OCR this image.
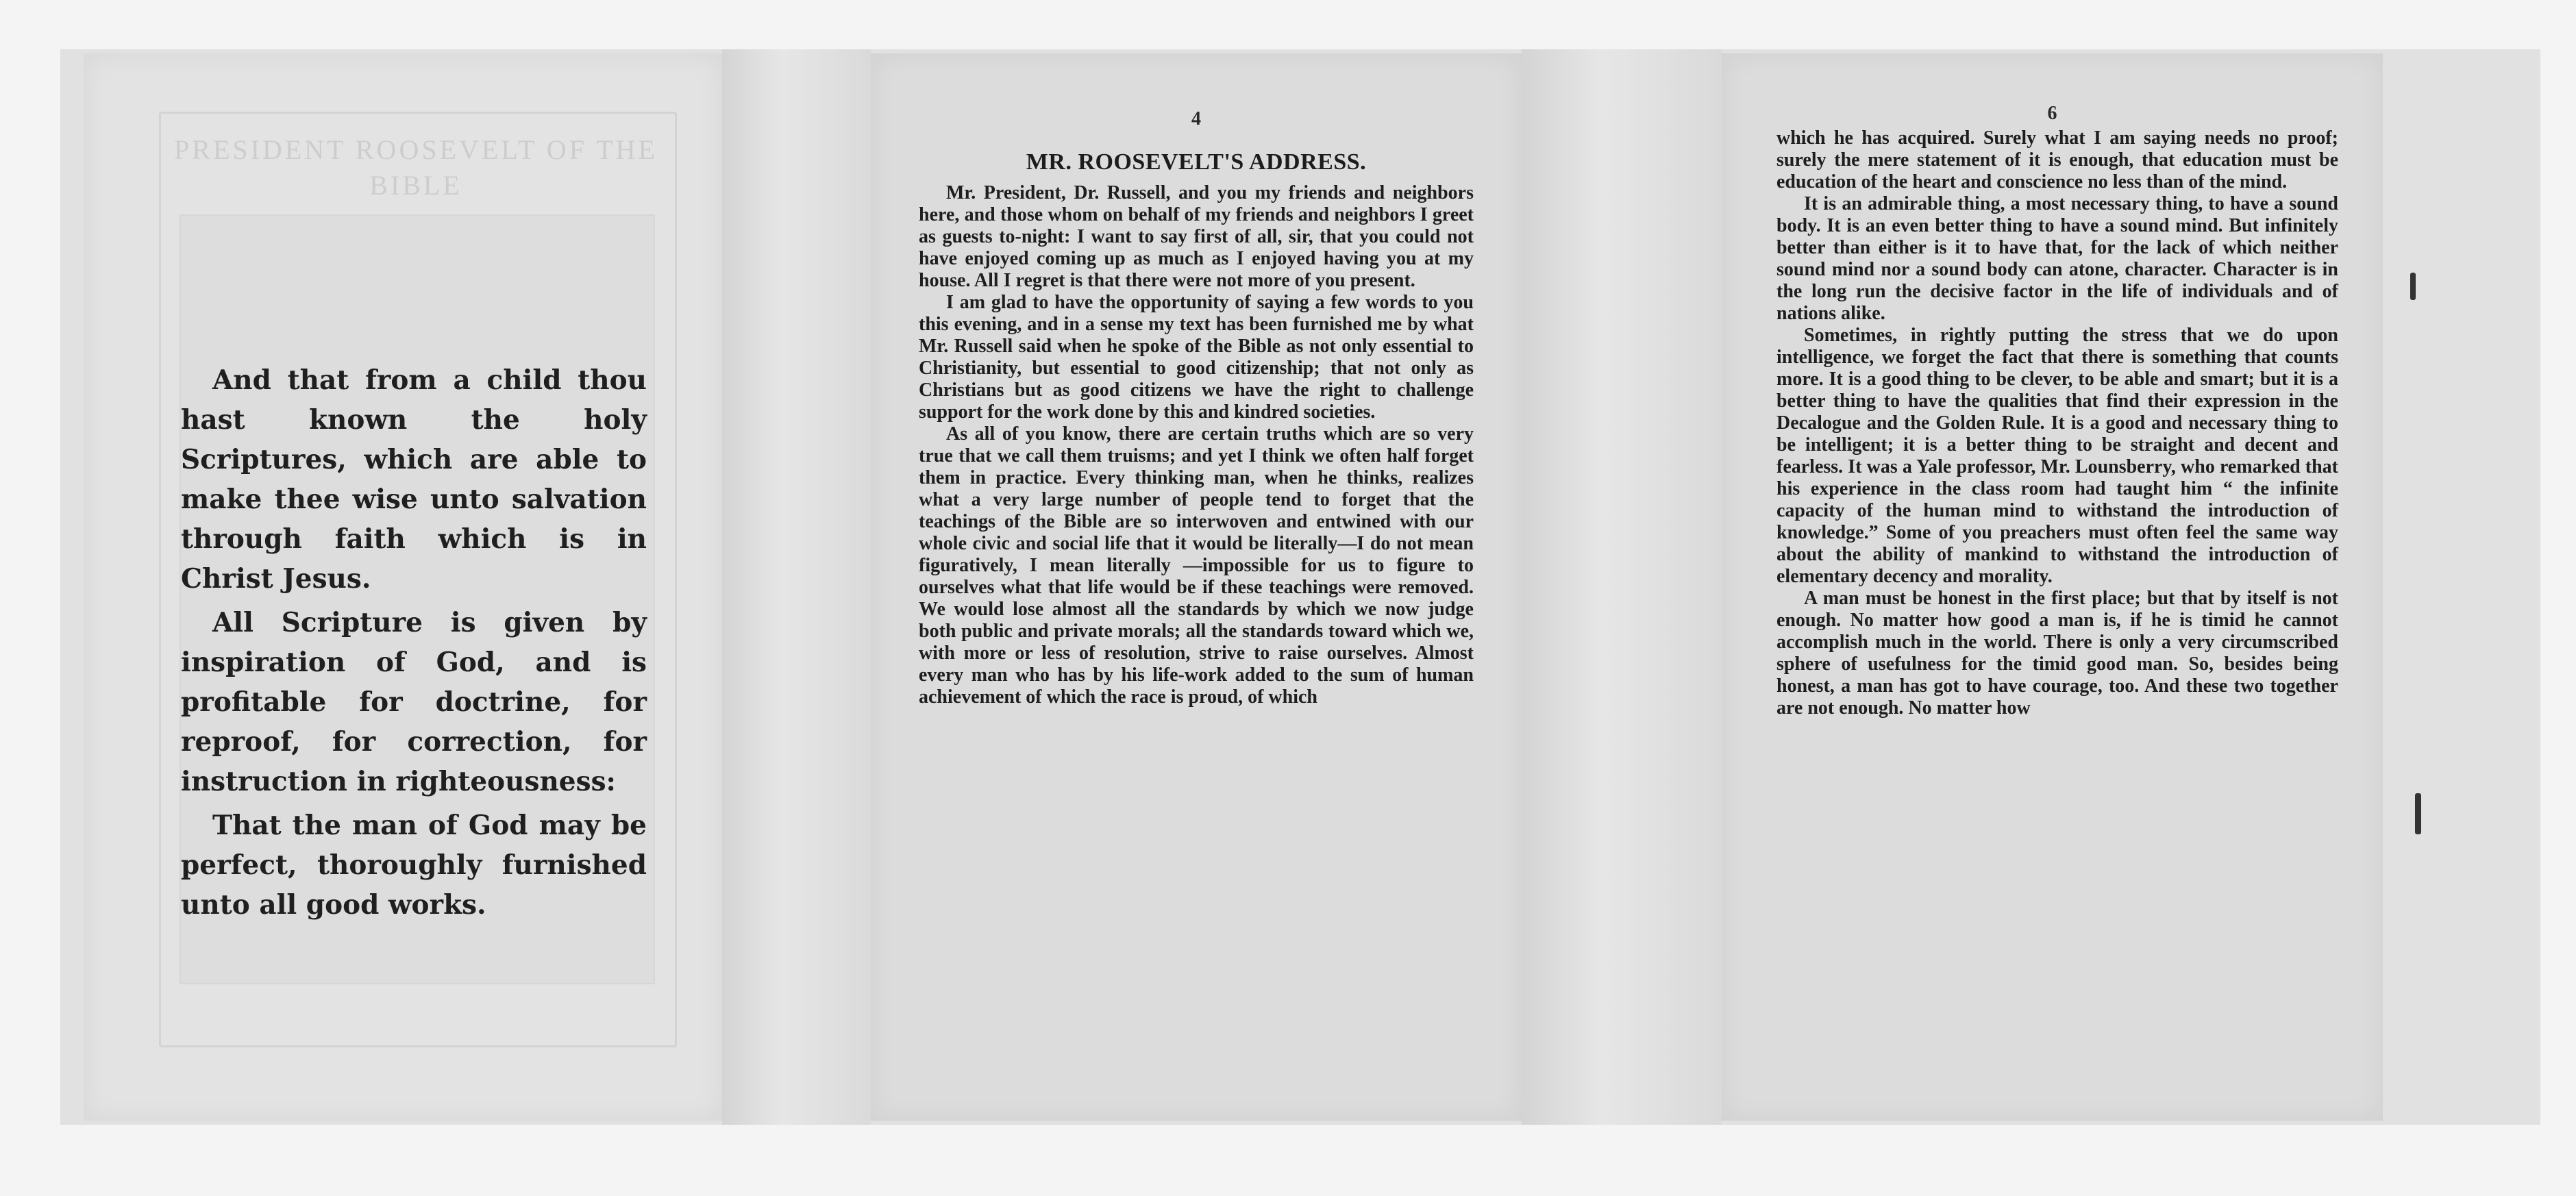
PRESIDENT ROOSEVELT OF THE BIBLE

And that from a child thou hast known the holy Scriptures, which are able to make thee wise unto salvation through faith which is in Christ Jesus.

All Scripture is given by inspiration of God, and is profitable for doctrine, for reproof, for correction, for instruction in righteousness:

That the man of God may be perfect, thoroughly furnished unto all good works.

4
MR. ROOSEVELT'S ADDRESS.

Mr. President, Dr. Russell, and you my friends and neighbors here, and those whom on behalf of my friends and neighbors I greet as guests to-night: I want to say first of all, sir, that you could not have enjoyed coming up as much as I enjoyed having you at my house. All I regret is that there were not more of you present.

I am glad to have the opportunity of saying a few words to you this evening, and in a sense my text has been furnished me by what Mr. Russell said when he spoke of the Bible as not only essential to Christianity, but essential to good citizenship; that not only as Christians but as good citizens we have the right to challenge support for the work done by this and kindred societies.

As all of you know, there are certain truths which are so very true that we call them truisms; and yet I think we often half forget them in practice. Every thinking man, when he thinks, realizes what a very large number of people tend to forget that the teachings of the Bible are so interwoven and entwined with our whole civic and social life that it would be literally—I do not mean figuratively, I mean literally —impossible for us to figure to ourselves what that life would be if these teachings were removed. We would lose almost all the standards by which we now judge both public and private morals; all the standards toward which we, with more or less of resolution, strive to raise ourselves. Almost every man who has by his life-work added to the sum of human achievement of which the race is proud, of which

6

which he has acquired. Surely what I am saying needs no proof; surely the mere statement of it is enough, that education must be education of the heart and conscience no less than of the mind.

It is an admirable thing, a most necessary thing, to have a sound body. It is an even better thing to have a sound mind. But infinitely better than either is it to have that, for the lack of which neither sound mind nor a sound body can atone, character. Character is in the long run the decisive factor in the life of individuals and of nations alike.

Sometimes, in rightly putting the stress that we do upon intelligence, we forget the fact that there is something that counts more. It is a good thing to be clever, to be able and smart; but it is a better thing to have the qualities that find their expression in the Decalogue and the Golden Rule. It is a good and necessary thing to be intelligent; it is a better thing to be straight and decent and fearless. It was a Yale professor, Mr. Lounsberry, who remarked that his experience in the class room had taught him “ the infinite capacity of the human mind to withstand the introduction of knowledge.” Some of you preachers must often feel the same way about the ability of mankind to withstand the introduction of elementary decency and morality.

A man must be honest in the first place; but that by itself is not enough. No matter how good a man is, if he is timid he cannot accomplish much in the world. There is only a very circumscribed sphere of usefulness for the timid good man. So, besides being honest, a man has got to have courage, too. And these two together are not enough. No matter how
